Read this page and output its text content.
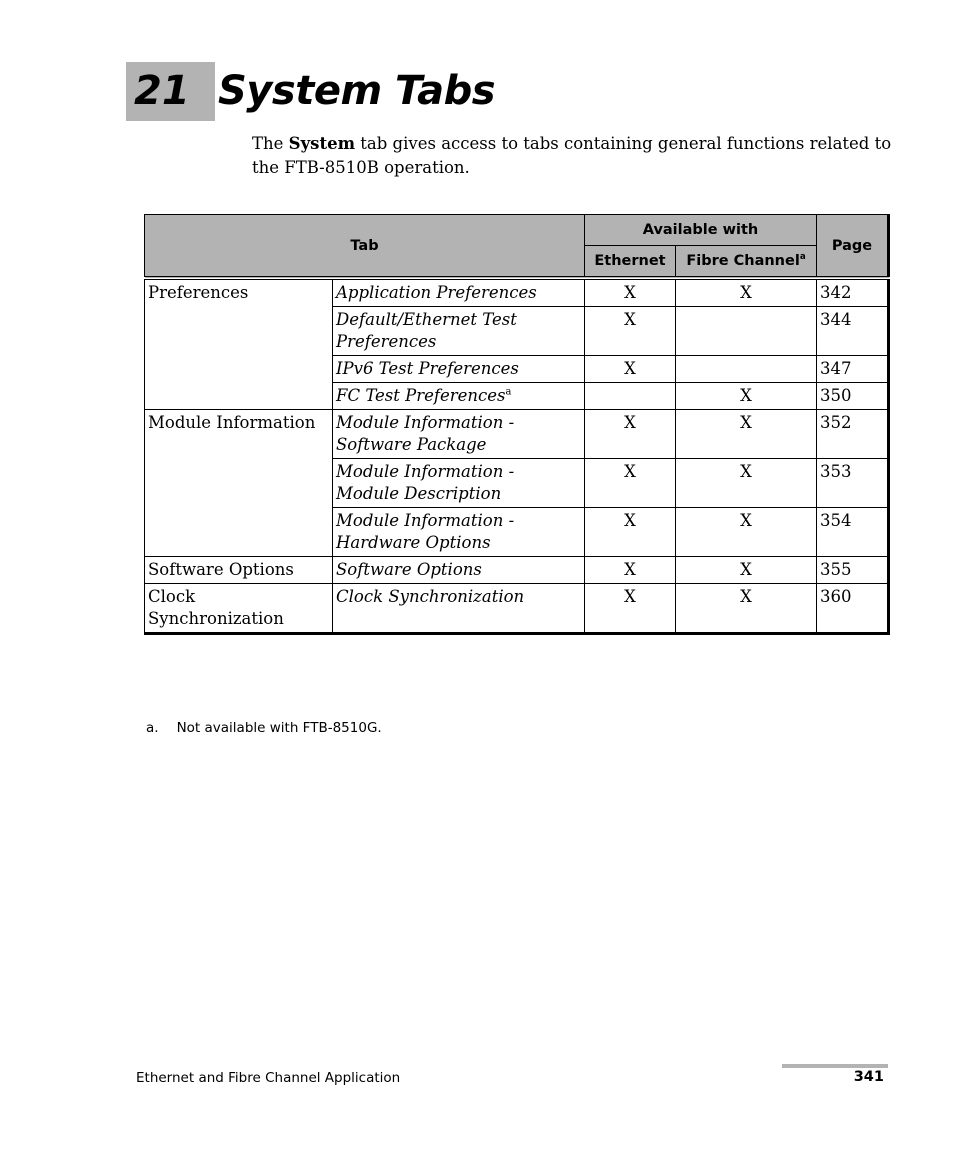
21 System Tabs

The System tab gives access to tabs containing general functions related to the FTB-8510B operation.

Tab		Available with		Page
		Ethernet	Fibre Channel$^a$
Preferences	Application Preferences	X	X	342
	Default/Ethernet Test Preferences	X		344
	IPv6 Test Preferences	X		347
	FC Test Preferences$^a$		X	350
Module Information	Module Information - Software Package	X	X	352
	Module Information - Module Description	X	X	353
	Module Information - Hardware Options	X	X	354
Software Options	Software Options	X	X	355
Clock Synchronization	Clock Synchronization	X	X	360
a. Not available with FTB-8510G.
Ethernet and Fibre Channel Application	341
